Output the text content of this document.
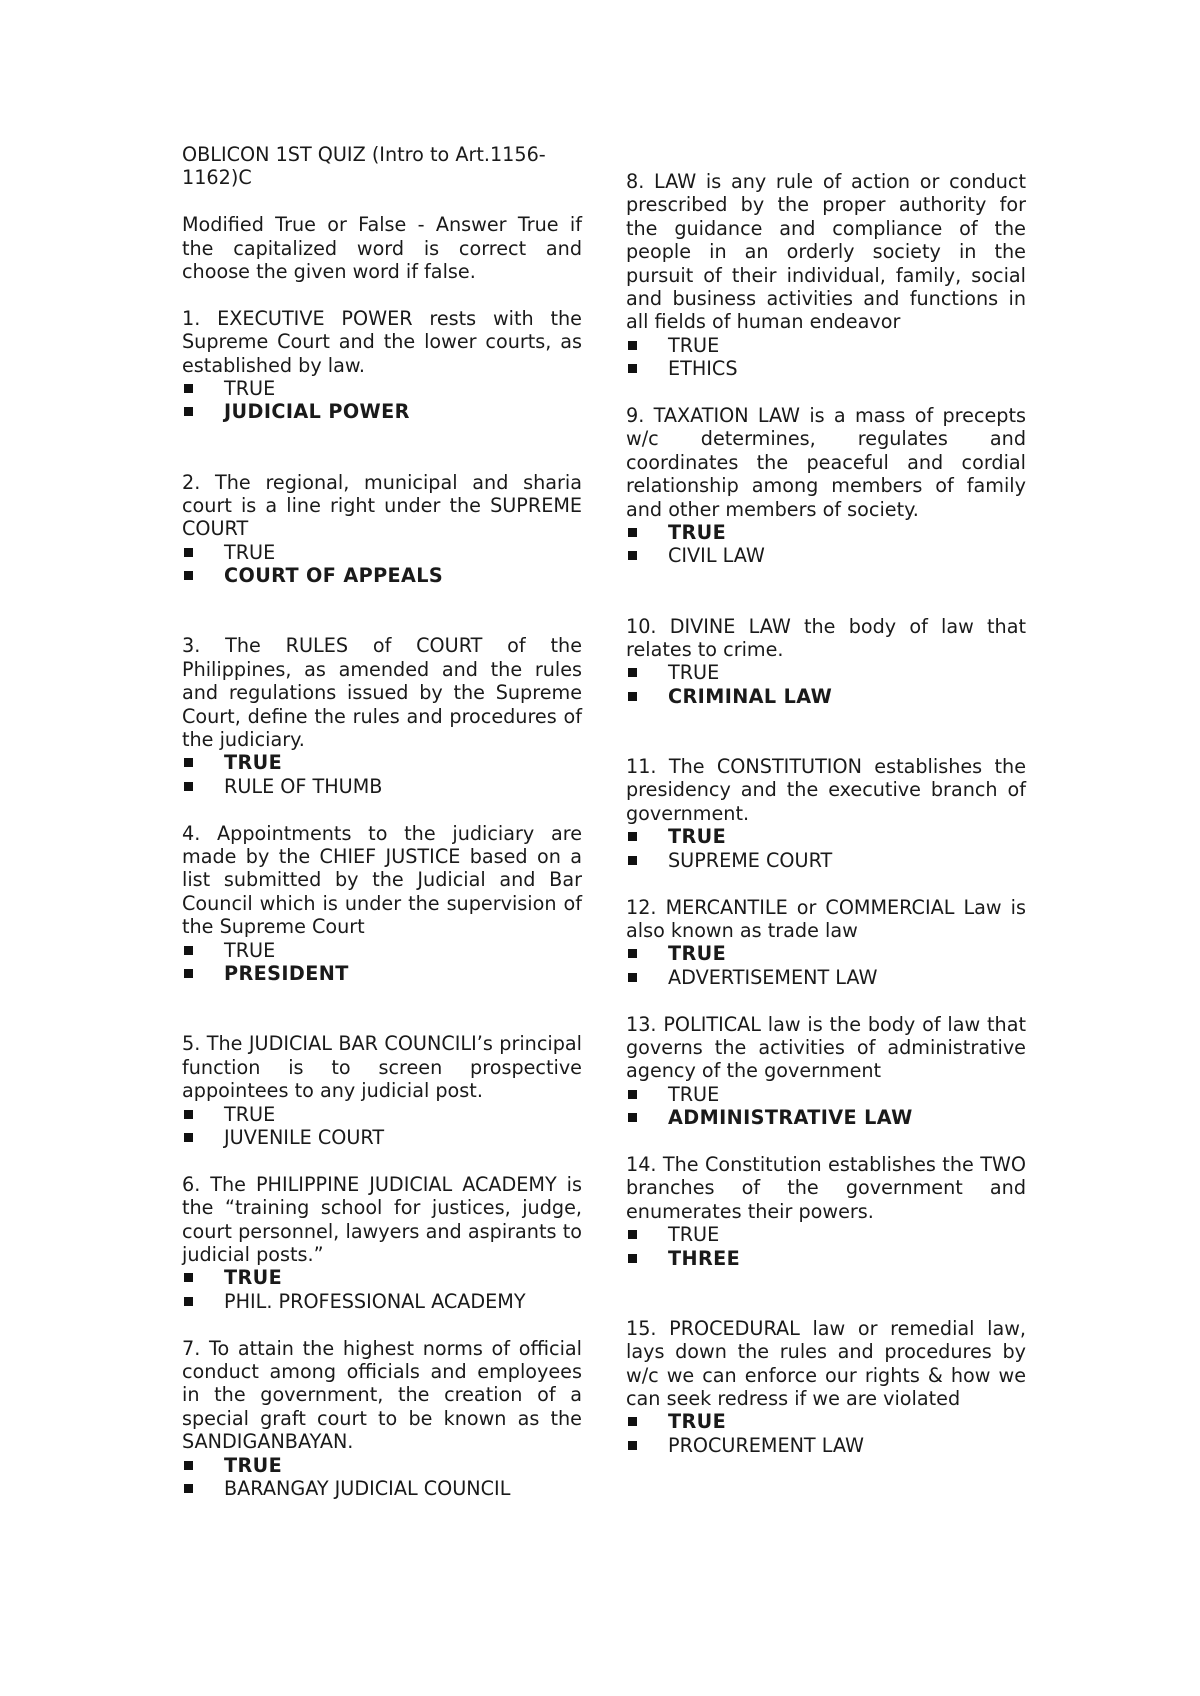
OBLICON 1ST QUIZ (Intro to Art.1156-1162)C

Modified True or False - Answer True if the capitalized word is correct and choose the given word if false.

1. EXECUTIVE POWER rests with the Supreme Court and the lower courts, as established by law.

TRUE
JUDICIAL POWER

2. The regional, municipal and sharia court is a line right under the SUPREME COURT

TRUE
COURT OF APPEALS

3. The RULES of COURT of the Philippines, as amended and the rules and regulations issued by the Supreme Court, define the rules and procedures of the judiciary.

TRUE
RULE OF THUMB

4. Appointments to the judiciary are made by the CHIEF JUSTICE based on a list submitted by the Judicial and Bar Council which is under the supervision of the Supreme Court

TRUE
PRESIDENT

5. The JUDICIAL BAR COUNCILI’s principal function is to screen prospective appointees to any judicial post.

TRUE
JUVENILE COURT

6. The PHILIPPINE JUDICIAL ACADEMY is the “training school for justices, judge, court personnel, lawyers and aspirants to judicial posts.”

TRUE
PHIL. PROFESSIONAL ACADEMY

7. To attain the highest norms of official conduct among officials and employees in the government, the creation of a special graft court to be known as the SANDIGANBAYAN.

TRUE
BARANGAY JUDICIAL COUNCIL

8. LAW is any rule of action or conduct prescribed by the proper authority for the guidance and compliance of the people in an orderly society in the pursuit of their individual, family, social and business activities and functions in all fields of human endeavor

TRUE
ETHICS

9. TAXATION LAW is a mass of precepts w/c determines, regulates and coordinates the peaceful and cordial relationship among members of family and other members of society.

TRUE
CIVIL LAW

10. DIVINE LAW the body of law that relates to crime.

TRUE
CRIMINAL LAW

11. The CONSTITUTION establishes the presidency and the executive branch of government.

TRUE
SUPREME COURT

12. MERCANTILE or COMMERCIAL Law is also known as trade law

TRUE
ADVERTISEMENT LAW

13. POLITICAL law is the body of law that governs the activities of administrative agency of the government

TRUE
ADMINISTRATIVE LAW

14. The Constitution establishes the TWO branches of the government and enumerates their powers.

TRUE
THREE

15. PROCEDURAL law or remedial law, lays down the rules and procedures by w/c we can enforce our rights & how we can seek redress if we are violated

TRUE
PROCUREMENT LAW
